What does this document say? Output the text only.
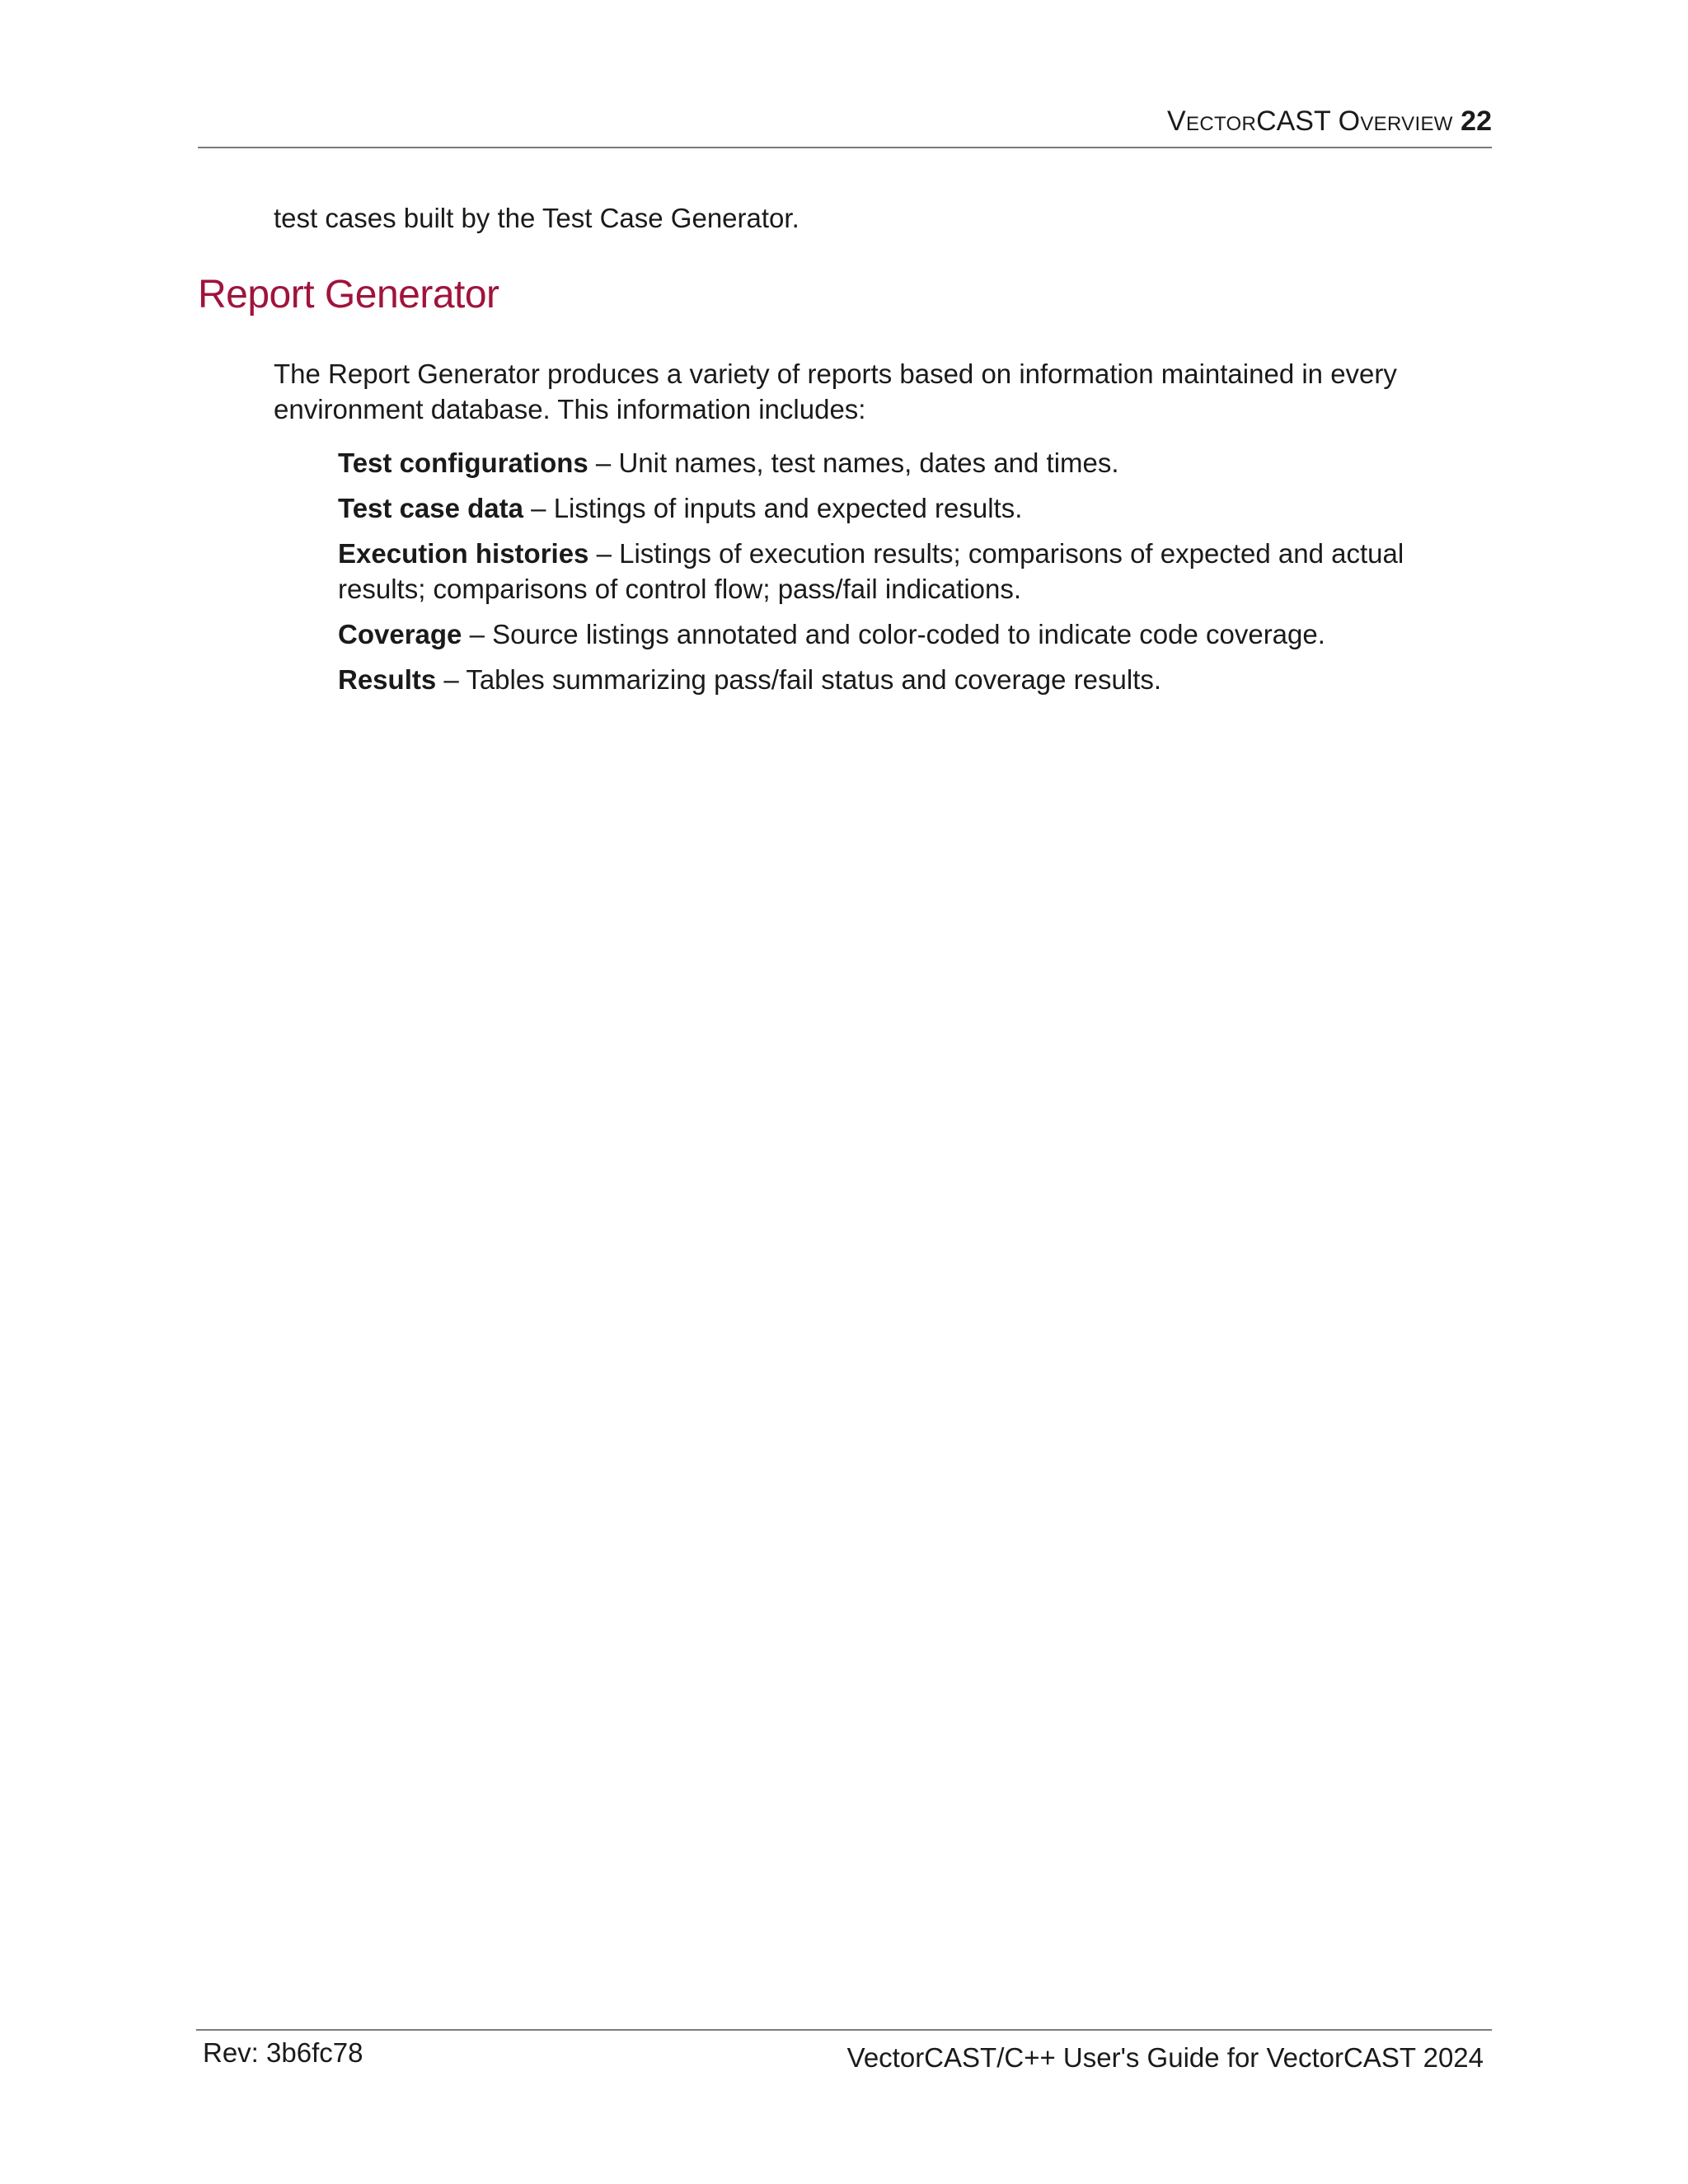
VectorCAST Overview 22
test cases built by the Test Case Generator.
Report Generator

The Report Generator produces a variety of reports based on information maintained in every environment database. This information includes:

Test configurations – Unit names, test names, dates and times.
Test case data – Listings of inputs and expected results.
Execution histories – Listings of execution results; comparisons of expected and actual results; comparisons of control flow; pass/fail indications.
Coverage – Source listings annotated and color-coded to indicate code coverage.
Results – Tables summarizing pass/fail status and coverage results.
Rev: 3b6fc78	VectorCAST/C++ User's Guide for VectorCAST 2024
